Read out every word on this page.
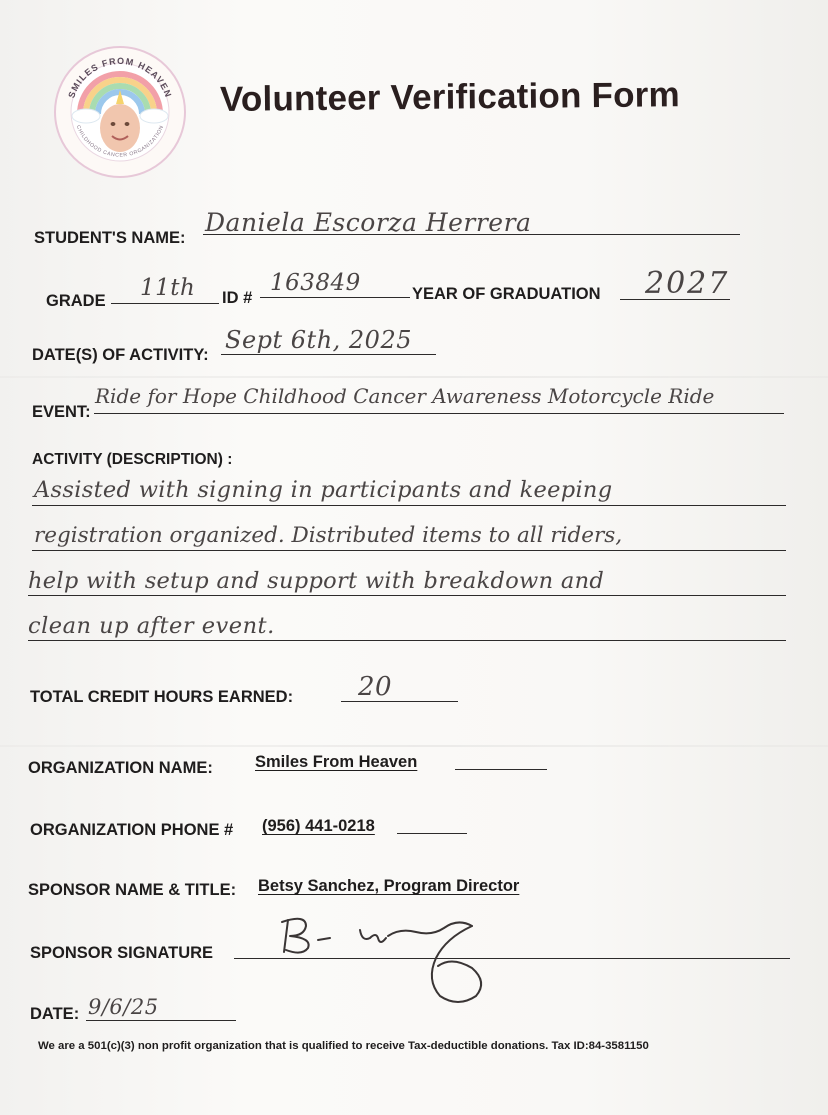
SMILES FROM HEAVEN
CHILDHOOD CANCER ORGANIZATION
Volunteer Verification Form
STUDENT'S NAME:
Daniela Escorza Herrera
GRADE 11th ID #
163849	YEAR OF GRADUATION 2027
DATE(S) OF ACTIVITY:
Sept 6th, 2025
EVENT:
Ride for Hope Childhood Cancer Awareness Motorcycle Ride
ACTIVITY (DESCRIPTION) :
Assisted with signing in participants and keeping
registration organized. Distributed items to all riders,
help with setup and support with breakdown and
clean up after event.
TOTAL CREDIT HOURS EARNED: 20
ORGANIZATION NAME:	Smiles From Heaven
ORGANIZATION PHONE # (956) 441-0218
SPONSOR NAME & TITLE: Betsy Sanchez, Program Director
SPONSOR SIGNATURE
DATE: 9/6/25
We are a 501(c)(3) non profit organization that is qualified to receive Tax-deductible donations. Tax ID:84-3581150
